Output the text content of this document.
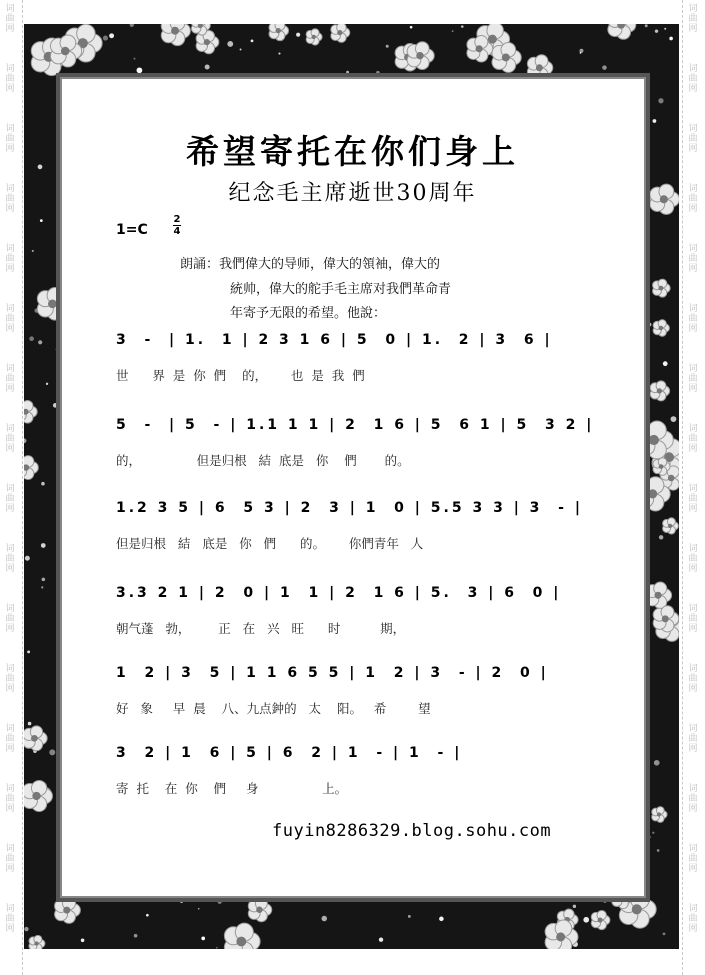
词
曲
网
词
曲
网
词
曲
网
词
曲
网
词
曲
网
词
曲
网
词
曲
网
词
曲
网
词
曲
网
词
曲
网
词
曲
网
词
曲
网
词
曲
网
词
曲
网
词
曲
网
词
曲
网
词
曲
网
词
曲
网
词
曲
网
词
曲
网
词
曲
网
词
曲
网
词
曲
网
词
曲
网
词
曲
网
词
曲
网
词
曲
网
词
曲
网
词
曲
网
词
曲
网
词
曲
网
词
曲
网
希望寄托在你们身上
纪念毛主席逝世30周年
1=C
2
4
朗誦：我們偉大的导师，偉大的領袖，偉大的
統帅，偉大的舵手毛主席对我們革命青
年寄予无限的希望。他說：
3  -  | 1.  1 | 2 3 1 6 | 5  0 | 1.  2 | 3  6 |
世      界  是  你  們    的，      也  是  我  們
5  -  | 5  - | 1.1 1 1 | 2  1 6 | 5  6 1 | 5  3 2 |
的，              但是归根   結  底是   你    們       的。
1.2 3 5 | 6  5 3 | 2  3 | 1  0 | 5.5 3 3 | 3  - |
但是归根   結   底是   你   們      的。      你們青年   人
3.3 2 1 | 2  0 | 1  1 | 2  1 6 | 5.  3 | 6  0 |
朝气蓬   勃，       正   在   兴   旺      时          期，
1  2 | 3  5 | 1 1 6 5 5 | 1  2 | 3  - | 2  0 |
好   象     早  晨    八、九点鈡的   太    阳。   希        望
3  2 | 1  6 | 5 | 6  2 | 1  - | 1  - |
寄  托    在  你    們     身                上。
fuyin8286329.blog.sohu.com
